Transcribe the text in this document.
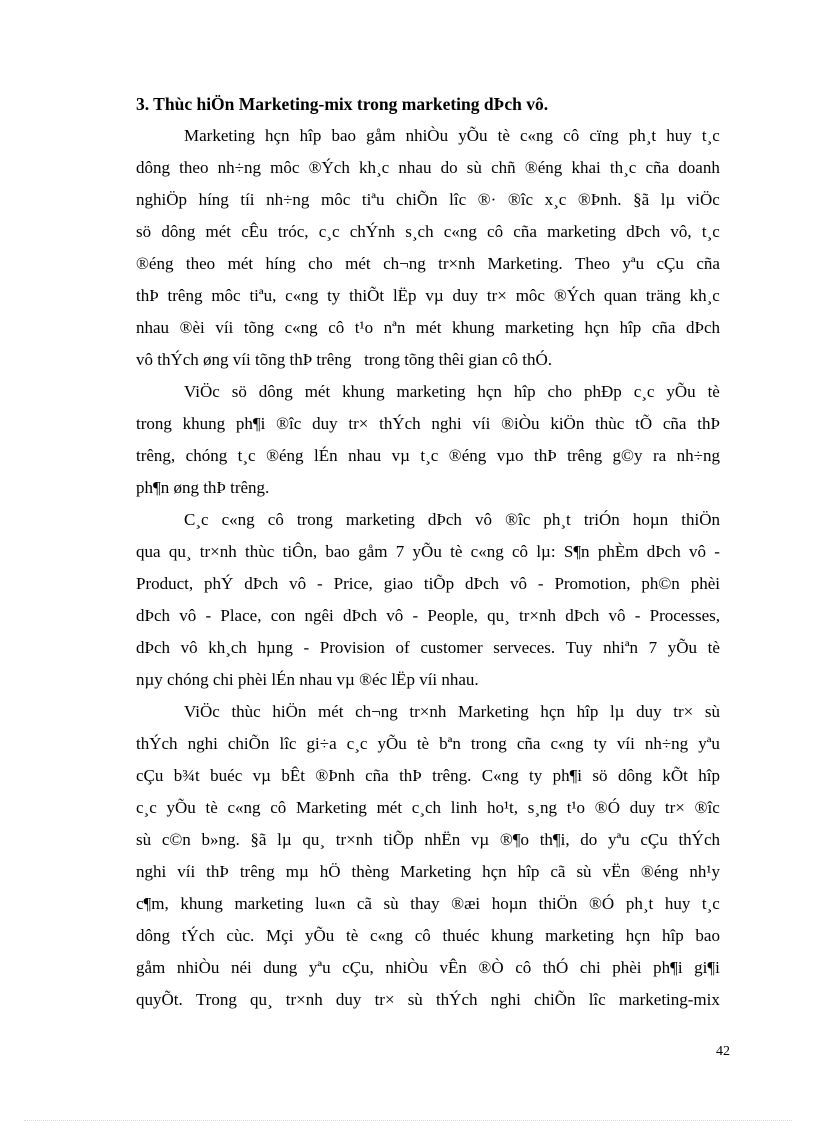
3. Thùc hiÖn Marketing-mix trong marketing dÞch vô.
Marketing hçn hîp bao gåm nhiÒu yÕu tè c«ng cô cïng ph¸t huy t¸c
dông theo nh÷ng môc ®Ých kh¸c nhau do sù chñ ®éng khai th¸c cña doanh
nghiÖp híng tíi nh÷ng môc tiªu chiÕn lîc ®· ®îc x¸c ®Þnh. §ã lµ viÖc
sö dông mét cÊu tróc, c¸c chÝnh s¸ch c«ng cô cña marketing dÞch vô, t¸c
®éng theo mét híng cho mét ch¬ng tr×nh Marketing. Theo yªu cÇu cña
thÞ trêng môc tiªu, c«ng ty thiÕt lËp vµ duy tr× môc ®Ých quan träng kh¸c
nhau ®èi víi tõng c«ng cô t¹o nªn mét khung marketing hçn hîp cña dÞch
vô thÝch øng víi tõng thÞ trêng   trong tõng thêi gian cô thÓ.
ViÖc sö dông mét khung marketing hçn hîp cho phÐp c¸c yÕu tè
trong khung ph¶i ®îc duy tr× thÝch nghi víi ®iÒu kiÖn thùc tÕ cña thÞ
trêng, chóng t¸c ®éng lÉn nhau vµ t¸c ®éng vµo thÞ trêng g©y ra nh÷ng
ph¶n øng thÞ trêng.
C¸c c«ng cô trong marketing dÞch vô ®îc ph¸t triÓn hoµn thiÖn
qua qu¸ tr×nh thùc tiÔn, bao gåm 7 yÕu tè c«ng cô lµ: S¶n phÈm dÞch vô -
Product, phÝ dÞch vô - Price, giao tiÕp dÞch vô - Promotion, ph©n phèi
dÞch vô - Place, con ngêi dÞch vô - People, qu¸ tr×nh dÞch vô - Processes,
dÞch vô kh¸ch hµng - Provision of customer serveces. Tuy nhiªn 7 yÕu tè
nµy chóng chi phèi lÉn nhau vµ ®éc lËp víi nhau.
ViÖc thùc hiÖn mét ch¬ng tr×nh Marketing hçn hîp lµ duy tr× sù
thÝch nghi chiÕn lîc gi÷a c¸c yÕu tè bªn trong cña c«ng ty víi nh÷ng yªu
cÇu b¾t buéc vµ bÊt ®Þnh cña thÞ trêng. C«ng ty ph¶i sö dông kÕt hîp
c¸c yÕu tè c«ng cô Marketing mét c¸ch linh ho¹t, s¸ng t¹o ®Ó duy tr× ®îc
sù c©n b»ng. §ã lµ qu¸ tr×nh tiÕp nhËn vµ ®¶o th¶i, do yªu cÇu thÝch
nghi víi thÞ trêng mµ hÖ thèng Marketing hçn hîp cã sù vËn ®éng nh¹y
c¶m, khung marketing lu«n cã sù thay ®æi hoµn thiÖn ®Ó ph¸t huy t¸c
dông tÝch cùc. Mçi yÕu tè c«ng cô thuéc khung marketing hçn hîp bao
gåm nhiÒu néi dung yªu cÇu, nhiÒu vÊn ®Ò cô thÓ chi phèi ph¶i gi¶i
quyÕt. Trong qu¸ tr×nh duy tr× sù thÝch nghi chiÕn lîc marketing-mix
42
